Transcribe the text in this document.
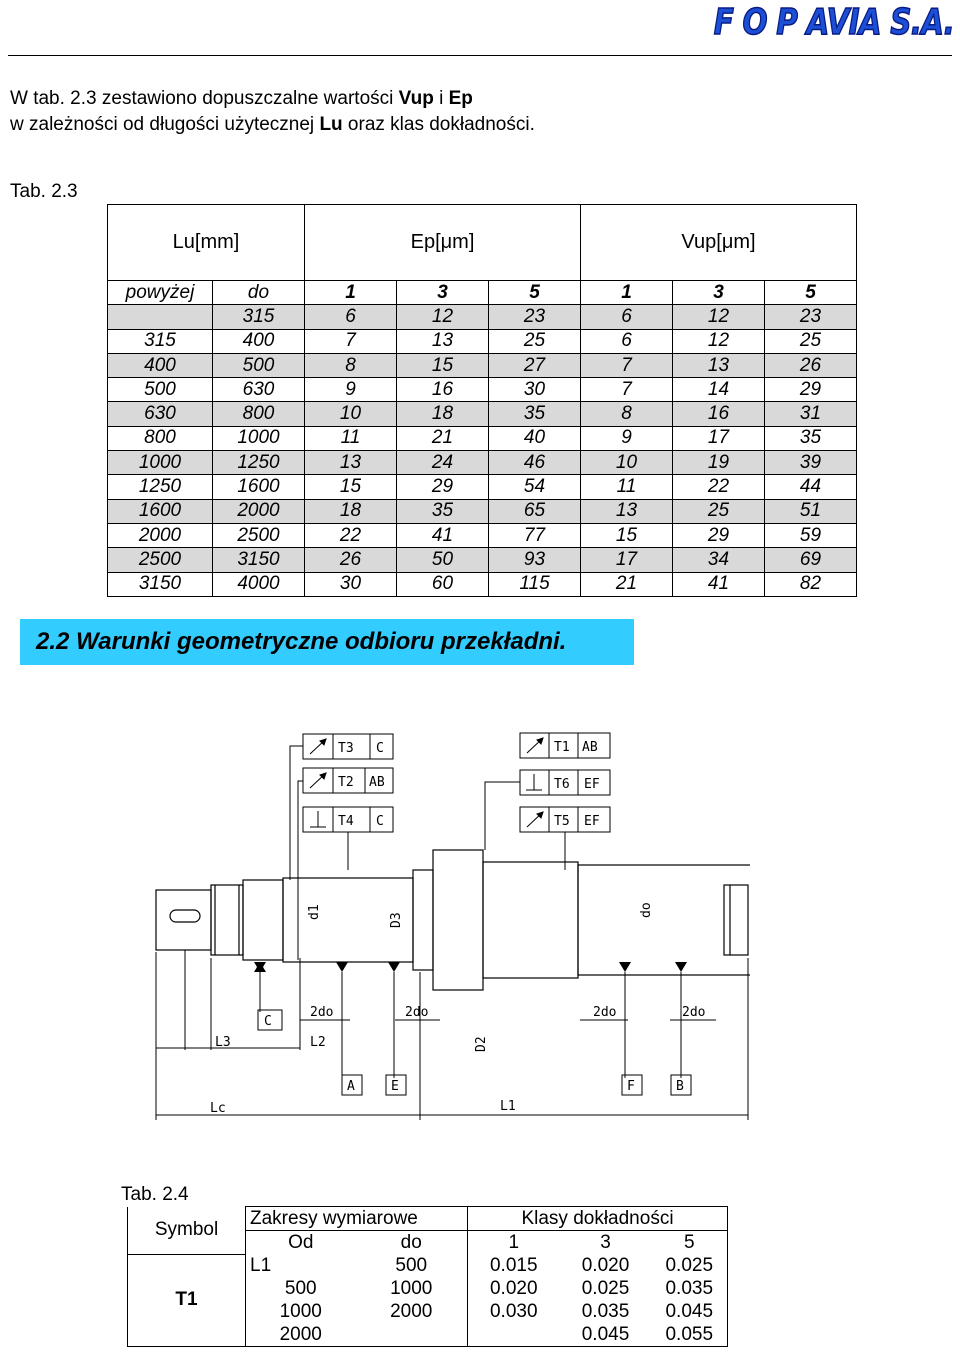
F O P AVIA S.A.
W tab. 2.3 zestawiono dopuszczalne wartości Vup i Ep
w zależności od długości użytecznej Lu oraz klas dokładności.
Tab. 2.3
Lu[mm]		Ep[μm]			Vup[μm]		
powyżej	do	1	3	5	1	3	5
	315	6	12	23	6	12	23
315	400	7	13	25	6	12	25
400	500	8	15	27	7	13	26
500	630	9	16	30	7	14	29
630	800	10	18	35	8	16	31
800	1000	11	21	40	9	17	35
1000	1250	13	24	46	10	19	39
1250	1600	15	29	54	11	22	44
1600	2000	18	35	65	13	25	51
2000	2500	22	41	77	15	29	59
2500	3150	26	50	93	17	34	69
3150	4000	30	60	115	21	41	82
2.2 Warunki geometryczne odbioru przekładni.
T3 C
T2 AB
T4 C
T1 AB
T6 EF
T5 EF
d1
D3
do
C
2do	2do	2do	2do
A	E	F	B
L3	L2	D2
Lc	L1
Tab. 2.4
Symbol	Zakresy wymiarowe		Klasy dokładności		
	Od	do	1	3	5
T1	L1	500	0.015	0.020	0.025
	500	1000	0.020	0.025	0.035
	1000	2000	0.030	0.035	0.045
	2000			0.045	0.055
